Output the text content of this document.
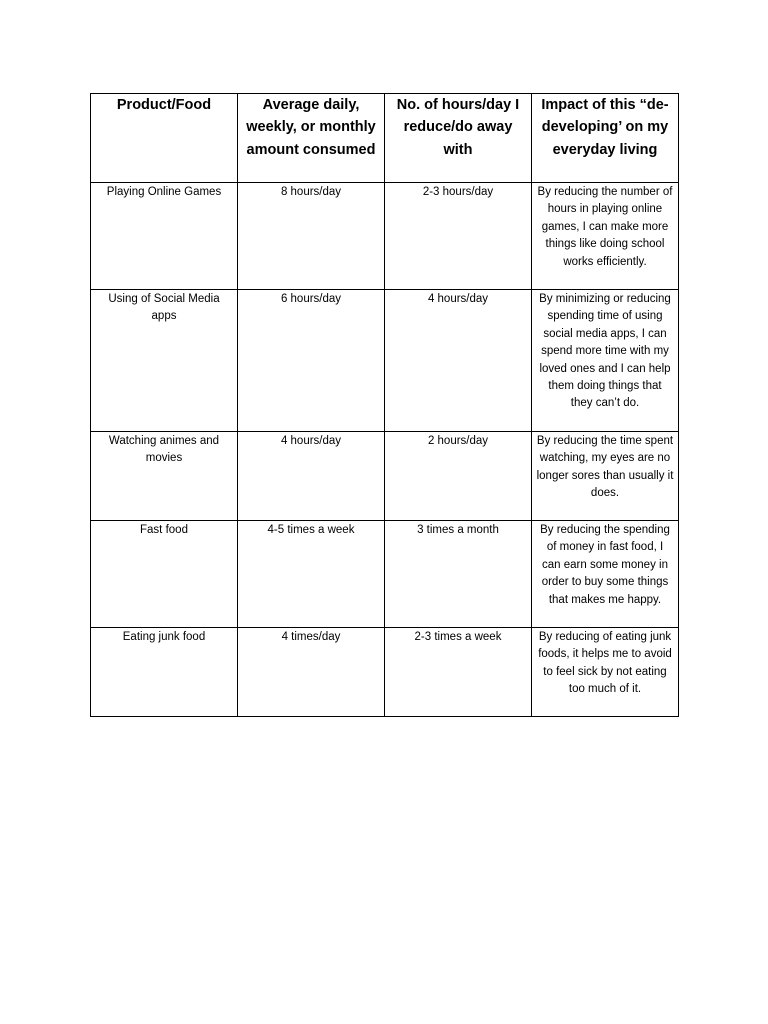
Product/Food	Average daily, weekly, or monthly amount consumed	No. of hours/day I reduce/do away with	Impact of this “de-developing’ on my everyday living
Playing Online Games	8 hours/day	2-3 hours/day	By reducing the number of hours in playing online games, I can make more things like doing school works efficiently.
Using of Social Media apps	6 hours/day	4 hours/day	By minimizing or reducing spending time of using social media apps, I can spend more time with my loved ones and I can help them doing things that they can’t do.
Watching animes and movies	4 hours/day	2 hours/day	By reducing the time spent watching, my eyes are no longer sores than usually it does.
Fast food	4-5 times a week	3 times a month	By reducing the spending of money in fast food, I can earn some money in order to buy some things that makes me happy.
Eating junk food	4 times/day	2-3 times a week	By reducing of eating junk foods, it helps me to avoid to feel sick by not eating too much of it.
